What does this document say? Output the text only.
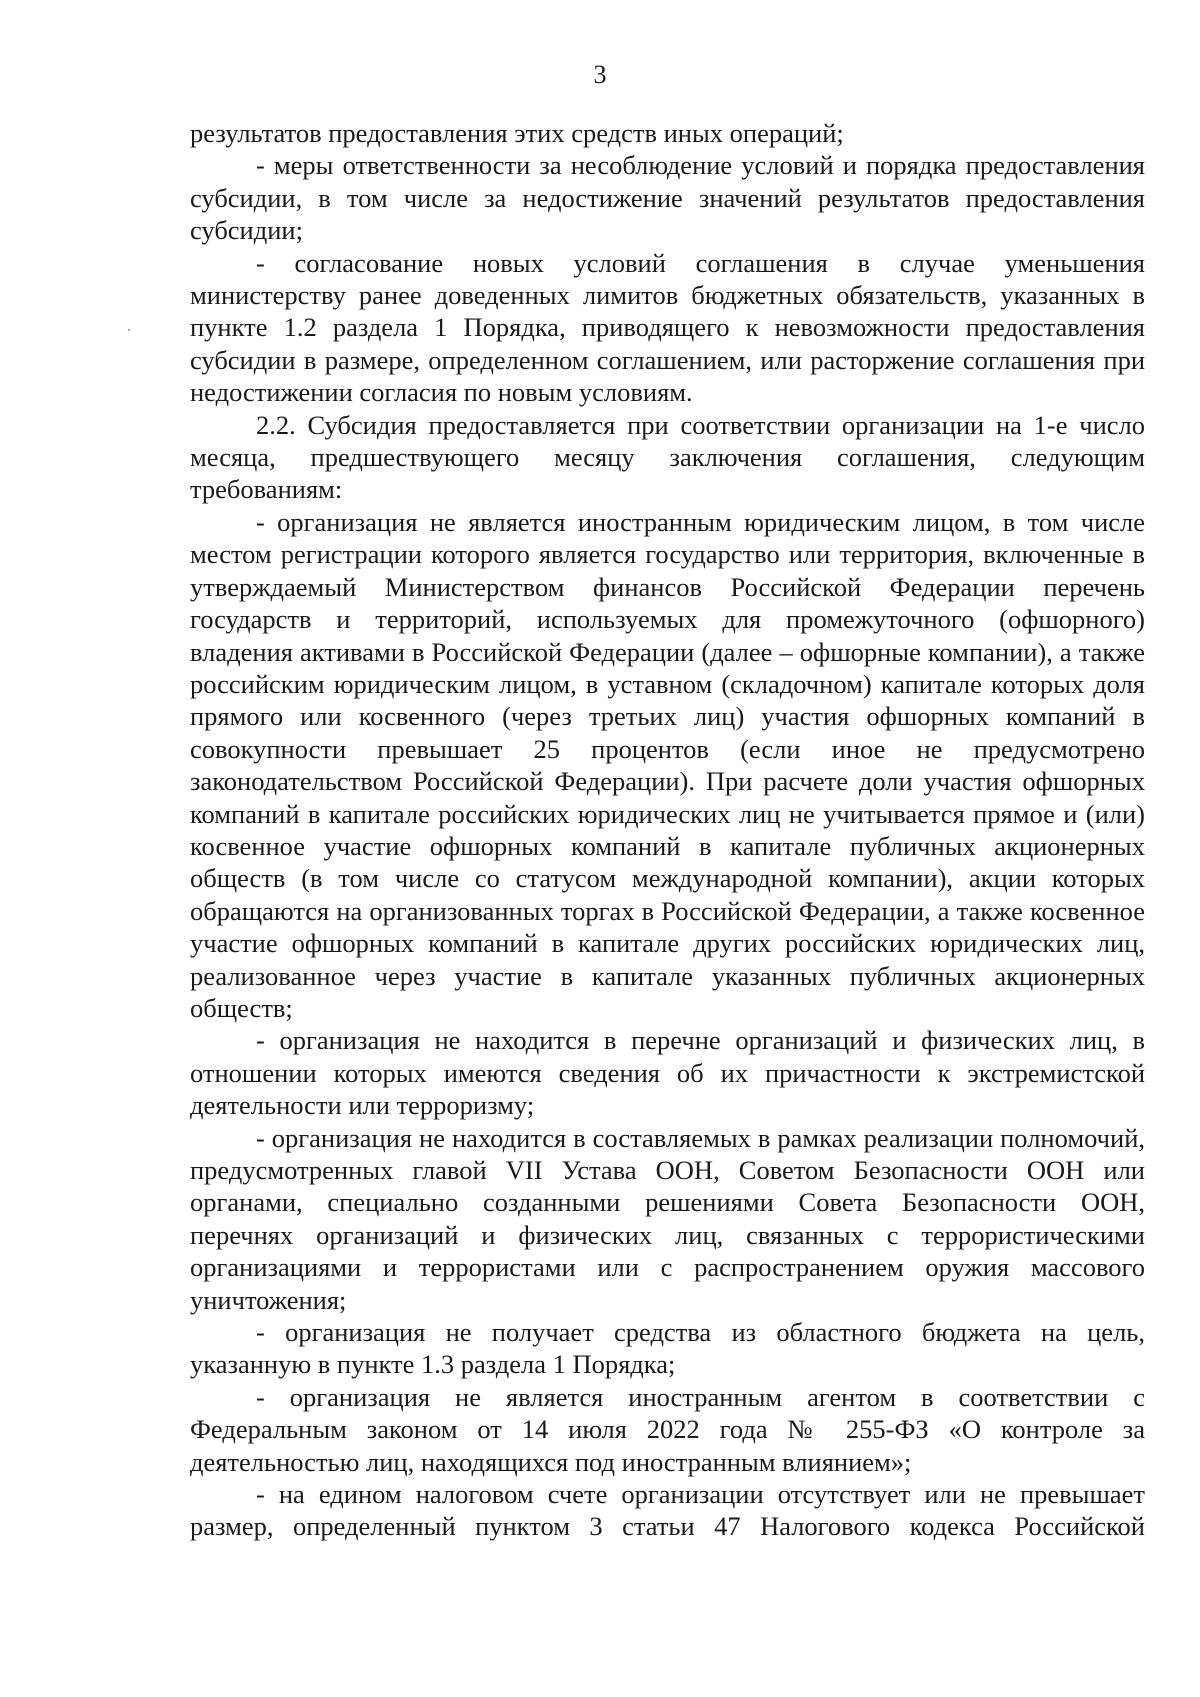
3

результатов предоставления этих средств иных операций;

- меры ответственности за несоблюдение условий и порядка предоставления субсидии, в том числе за недостижение значений результатов предоставления субсидии;

- согласование новых условий соглашения в случае уменьшения министерству ранее доведенных лимитов бюджетных обязательств, указанных в пункте 1.2 раздела 1 Порядка, приводящего к невозможности предоставления субсидии в размере, определенном соглашением, или расторжение соглашения при недостижении согласия по новым условиям.

2.2. Субсидия предоставляется при соответствии организации на 1-е число месяца, предшествующего месяцу заключения соглашения, следующим требованиям:

- организация не является иностранным юридическим лицом, в том числе местом регистрации которого является государство или территория, включенные в утверждаемый Министерством финансов Российской Федерации перечень государств и территорий, используемых для промежуточного (офшорного) владения активами в Российской Федерации (далее – офшорные компании), а также российским юридическим лицом, в уставном (складочном) капитале которых доля прямого или косвенного (через третьих лиц) участия офшорных компаний в совокупности превышает 25 процентов (если иное не предусмотрено законодательством Российской Федерации). При расчете доли участия офшорных компаний в капитале российских юридических лиц не учитывается прямое и (или) косвенное участие офшорных компаний в капитале публичных акционерных обществ (в том числе со статусом международной компании), акции которых обращаются на организованных торгах в Российской Федерации, а также косвенное участие офшорных компаний в капитале других российских юридических лиц, реализованное через участие в капитале указанных публичных акционерных обществ;

- организация не находится в перечне организаций и физических лиц, в отношении которых имеются сведения об их причастности к экстремистской деятельности или терроризму;

- организация не находится в составляемых в рамках реализации полномочий, предусмотренных главой VII Устава ООН, Советом Безопасности ООН или органами, специально созданными решениями Совета Безопасности ООН, перечнях организаций и физических лиц, связанных с террористическими организациями и террористами или с распространением оружия массового уничтожения;

- организация не получает средства из областного бюджета на цель, указанную в пункте 1.3 раздела 1 Порядка;

- организация не является иностранным агентом в соответствии с Федеральным законом от 14 июля 2022 года № 255-ФЗ «О контроле за деятельностью лиц, находящихся под иностранным влиянием»;

- на едином налоговом счете организации отсутствует или не превышает размер, определенный пунктом 3 статьи 47 Налогового кодекса Российской
